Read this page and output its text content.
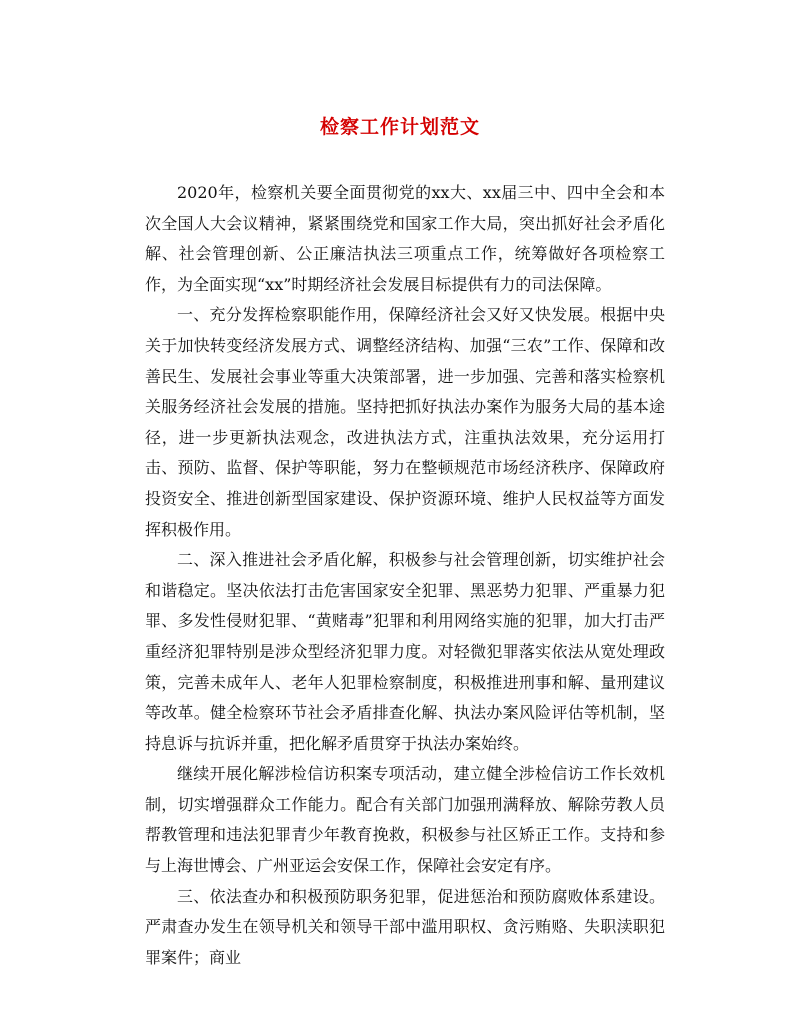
检察工作计划范文

2020年，检察机关要全面贯彻党的xx大、xx届三中、四中全会和本次全国人大会议精神，紧紧围绕党和国家工作大局，突出抓好社会矛盾化解、社会管理创新、公正廉洁执法三项重点工作，统筹做好各项检察工作，为全面实现“xx”时期经济社会发展目标提供有力的司法保障。

一、充分发挥检察职能作用，保障经济社会又好又快发展。根据中央关于加快转变经济发展方式、调整经济结构、加强“三农”工作、保障和改善民生、发展社会事业等重大决策部署，进一步加强、完善和落实检察机关服务经济社会发展的措施。坚持把抓好执法办案作为服务大局的基本途径，进一步更新执法观念，改进执法方式，注重执法效果，充分运用打击、预防、监督、保护等职能，努力在整顿规范市场经济秩序、保障政府投资安全、推进创新型国家建设、保护资源环境、维护人民权益等方面发挥积极作用。

二、深入推进社会矛盾化解，积极参与社会管理创新，切实维护社会和谐稳定。坚决依法打击危害国家安全犯罪、黑恶势力犯罪、严重暴力犯罪、多发性侵财犯罪、“黄赌毒”犯罪和利用网络实施的犯罪，加大打击严重经济犯罪特别是涉众型经济犯罪力度。对轻微犯罪落实依法从宽处理政策，完善未成年人、老年人犯罪检察制度，积极推进刑事和解、量刑建议等改革。健全检察环节社会矛盾排查化解、执法办案风险评估等机制，坚持息诉与抗诉并重，把化解矛盾贯穿于执法办案始终。

继续开展化解涉检信访积案专项活动，建立健全涉检信访工作长效机制，切实增强群众工作能力。配合有关部门加强刑满释放、解除劳教人员帮教管理和违法犯罪青少年教育挽救，积极参与社区矫正工作。支持和参与上海世博会、广州亚运会安保工作，保障社会安定有序。

三、依法查办和积极预防职务犯罪，促进惩治和预防腐败体系建设。严肃查办发生在领导机关和领导干部中滥用职权、贪污贿赂、失职渎职犯罪案件；商业
